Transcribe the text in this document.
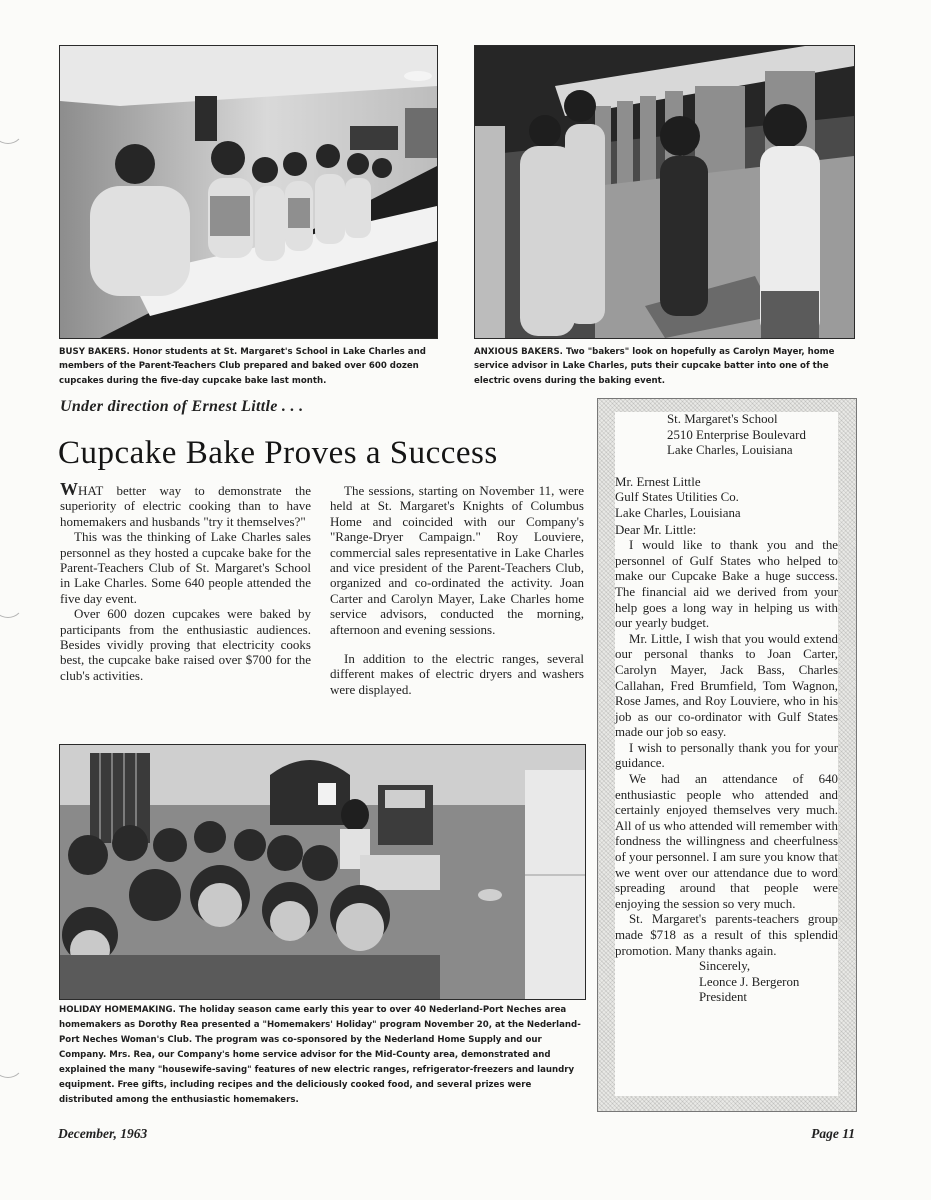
BUSY BAKERS. Honor students at St. Margaret's School in Lake Charles and members of the Parent-Teachers Club prepared and baked over 600 dozen cupcakes during the five-day cupcake bake last month.
ANXIOUS BAKERS. Two "bakers" look on hopefully as Carolyn Mayer, home service advisor in Lake Charles, puts their cupcake batter into one of the electric ovens during the baking event.
Under direction of Ernest Little . . .
Cupcake Bake Proves a Success

WHAT better way to demonstrate the superiority of electric cooking than to have homemakers and husbands "try it themselves?"

This was the thinking of Lake Charles sales personnel as they hosted a cupcake bake for the Parent-Teachers Club of St. Margaret's School in Lake Charles. Some 640 people attended the five day event.

Over 600 dozen cupcakes were baked by participants from the enthusiastic audiences. Besides vividly proving that electricity cooks best, the cupcake bake raised over $700 for the club's activities.

The sessions, starting on November 11, were held at St. Margaret's Knights of Columbus Home and coincided with our Company's "Range-Dryer Campaign." Roy Louviere, commercial sales representative in Lake Charles and vice president of the Parent-Teachers Club, organized and co-ordinated the activity. Joan Carter and Carolyn Mayer, Lake Charles home service advisors, conducted the morning, afternoon and evening sessions.

In addition to the electric ranges, several different makes of electric dryers and washers were displayed.

HOLIDAY HOMEMAKING. The holiday season came early this year to over 40 Nederland-Port Neches area homemakers as Dorothy Rea presented a "Homemakers' Holiday" program November 20, at the Nederland-Port Neches Woman's Club. The program was co-sponsored by the Nederland Home Supply and our Company. Mrs. Rea, our Company's home service advisor for the Mid-County area, demonstrated and explained the many "housewife-saving" features of new electric ranges, refrigerator-freezers and laundry equipment. Free gifts, including recipes and the deliciously cooked food, and several prizes were distributed among the enthusiastic homemakers.
St. Margaret's School
2510 Enterprise Boulevard
Lake Charles, Louisiana
Mr. Ernest Little
Gulf States Utilities Co.
Lake Charles, Louisiana
Dear Mr. Little:

I would like to thank you and the personnel of Gulf States who helped to make our Cupcake Bake a huge success. The financial aid we derived from your help goes a long way in helping us with our yearly budget.

Mr. Little, I wish that you would extend our personal thanks to Joan Carter, Carolyn Mayer, Jack Bass, Charles Callahan, Fred Brumfield, Tom Wagnon, Rose James, and Roy Louviere, who in his job as our co-ordinator with Gulf States made our job so easy.

I wish to personally thank you for your guidance.

We had an attendance of 640 enthusiastic people who attended and certainly enjoyed themselves very much. All of us who attended will remember with fondness the willingness and cheerfulness of your personnel. I am sure you know that we went over our attendance due to word spreading around that people were enjoying the session so very much.

St. Margaret's parents-teachers group made $718 as a result of this splendid promotion. Many thanks again.

Sincerely,
Leonce J. Bergeron
President
December, 1963	Page 11
